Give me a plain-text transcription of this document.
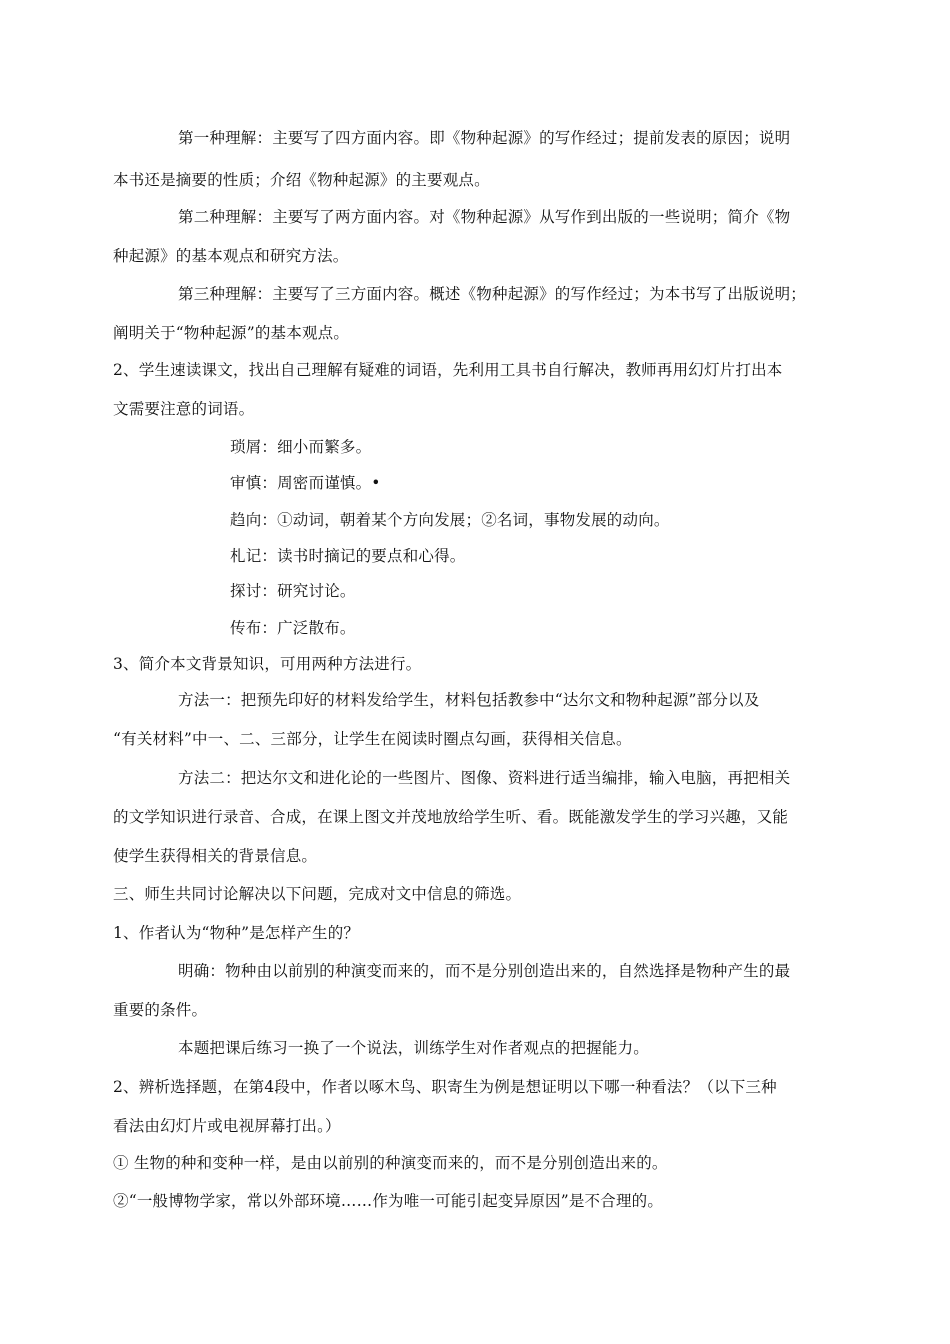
第一种理解：主要写了四方面内容。即《物种起源》的写作经过；提前发表的原因；说明
本书还是摘要的性质；介绍《物种起源》的主要观点。
第二种理解：主要写了两方面内容。对《物种起源》从写作到出版的一些说明；简介《物
种起源》的基本观点和研究方法。
第三种理解：主要写了三方面内容。概述《物种起源》的写作经过；为本书写了出版说明；
阐明关于“物种起源”的基本观点。
2、学生速读课文，找出自己理解有疑难的词语，先利用工具书自行解决，教师再用幻灯片打出本
文需要注意的词语。
琐屑：细小而繁多。
审慎：周密而谨慎。•
趋向：①动词，朝着某个方向发展；②名词，事物发展的动向。
札记：读书时摘记的要点和心得。
探讨：研究讨论。
传布：广泛散布。
3、简介本文背景知识，可用两种方法进行。
方法一：把预先印好的材料发给学生，材料包括教参中“达尔文和物种起源”部分以及
“有关材料”中一、二、三部分，让学生在阅读时圈点勾画，获得相关信息。
方法二：把达尔文和进化论的一些图片、图像、资料进行适当编排，输入电脑，再把相关
的文学知识进行录音、合成，在课上图文并茂地放给学生听、看。既能激发学生的学习兴趣，又能
使学生获得相关的背景信息。
三、师生共同讨论解决以下问题，完成对文中信息的筛选。
1、作者认为“物种”是怎样产生的？
明确：物种由以前别的种演变而来的，而不是分别创造出来的，自然选择是物种产生的最
重要的条件。
本题把课后练习一换了一个说法，训练学生对作者观点的把握能力。
2、辨析选择题，在第4段中，作者以啄木鸟、职寄生为例是想证明以下哪一种看法？（以下三种
看法由幻灯片或电视屏幕打出。）
① 生物的种和变种一样，是由以前别的种演变而来的，而不是分别创造出来的。
②“一般博物学家，常以外部环境……作为唯一可能引起变异原因”是不合理的。
